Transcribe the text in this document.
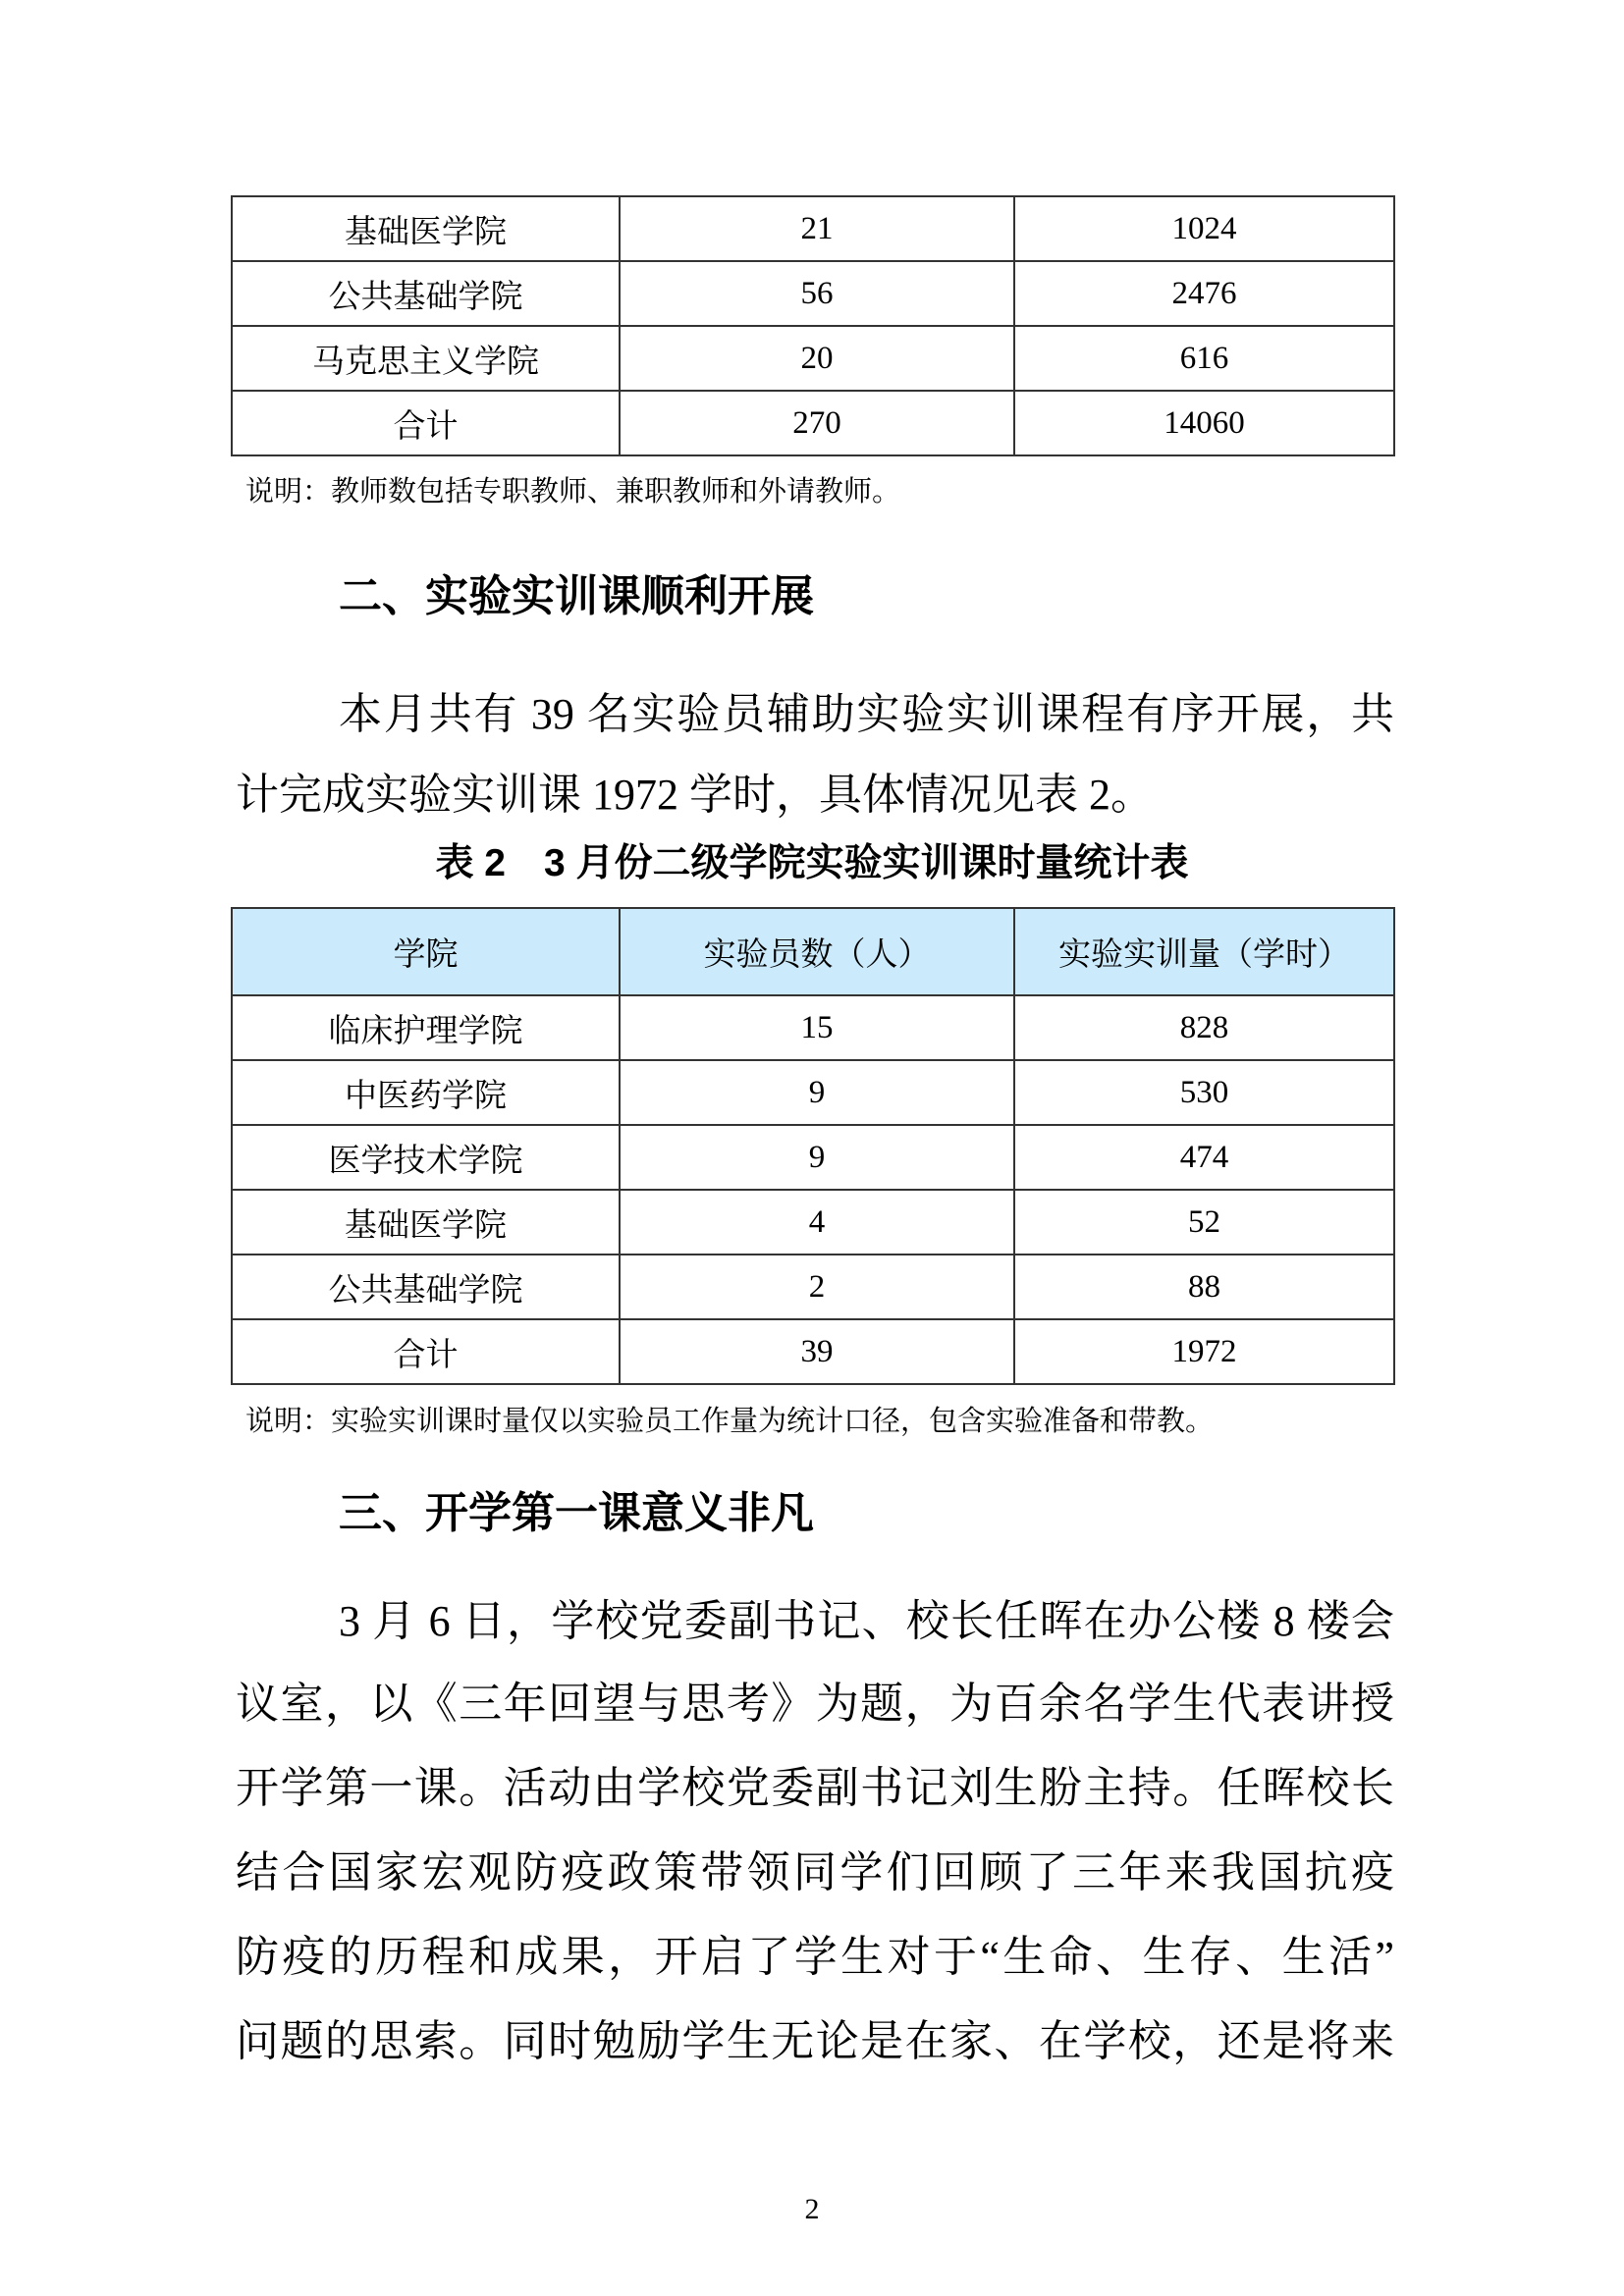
基础医学院	21	1024
公共基础学院	56	2476
马克思主义学院	20	616
合计	270	14060
说明：教师数包括专职教师、兼职教师和外请教师。
二、实验实训课顺利开展
本月共有 39 名实验员辅助实验实训课程有序开展，共
计完成实验实训课 1972 学时，具体情况见表 2。
表 2　3 月份二级学院实验实训课时量统计表
学院	实验员数（人）	实验实训量（学时）
临床护理学院	15	828
中医药学院	9	530
医学技术学院	9	474
基础医学院	4	52
公共基础学院	2	88
合计	39	1972
说明：实验实训课时量仅以实验员工作量为统计口径，包含实验准备和带教。
三、开学第一课意义非凡
3 月 6 日，学校党委副书记、校长任晖在办公楼 8 楼会
议室，以《三年回望与思考》为题，为百余名学生代表讲授
开学第一课。活动由学校党委副书记刘生肦主持。任晖校长
结合国家宏观防疫政策带领同学们回顾了三年来我国抗疫
防疫的历程和成果，开启了学生对于“生命、生存、生活”
问题的思索。同时勉励学生无论是在家、在学校，还是将来
2
